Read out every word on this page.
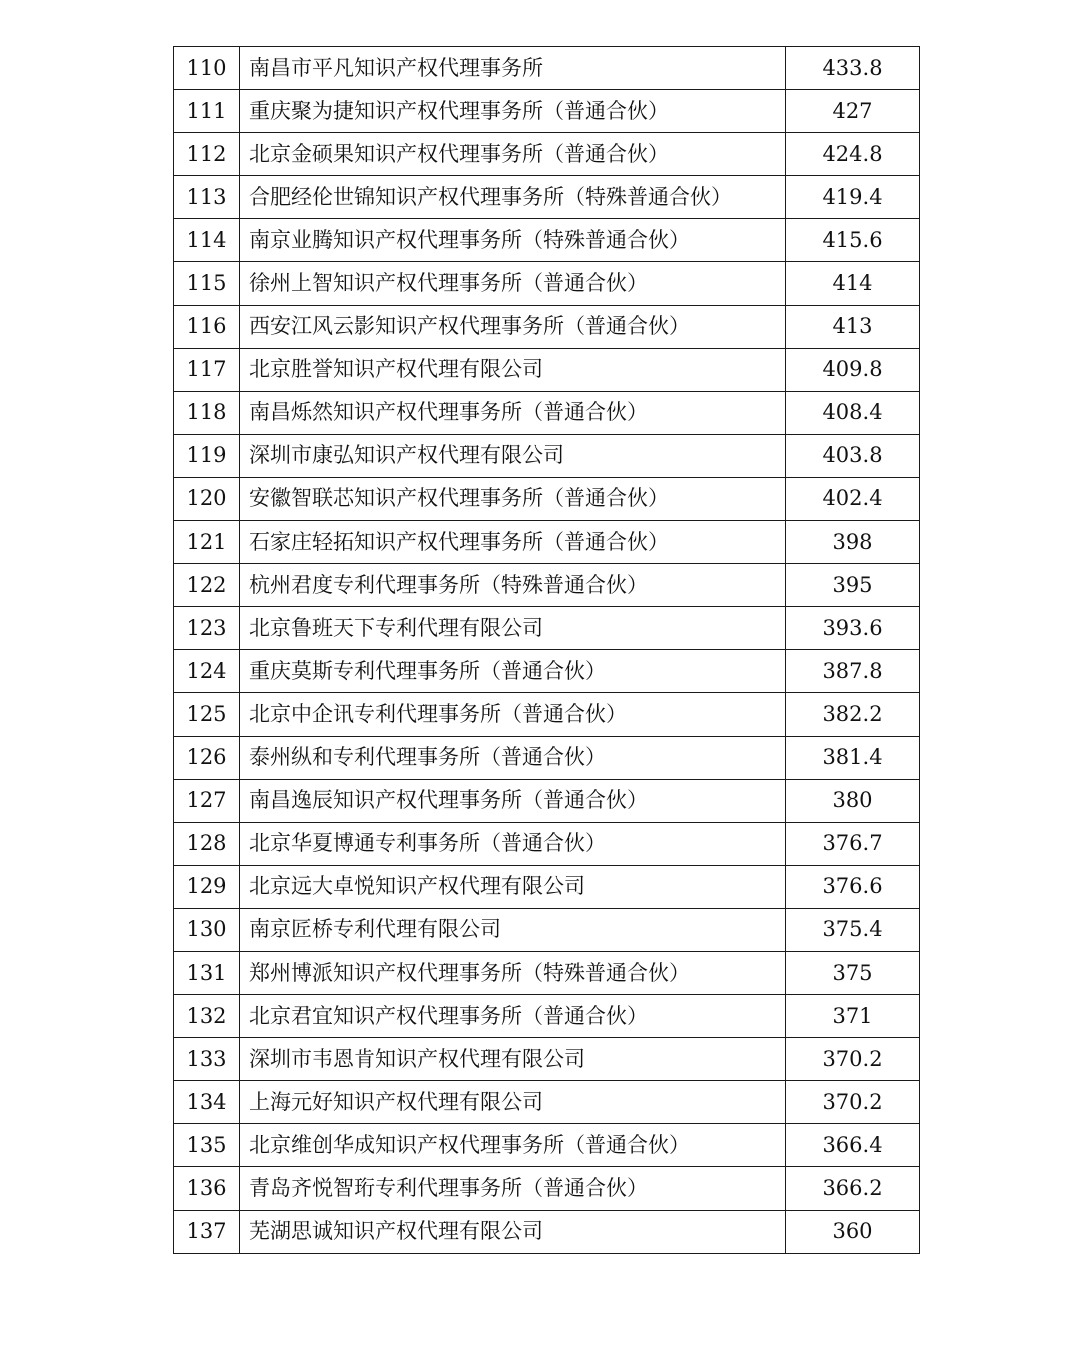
110	南昌市平凡知识产权代理事务所	433.8
111	重庆聚为捷知识产权代理事务所（普通合伙）	427
112	北京金硕果知识产权代理事务所（普通合伙）	424.8
113	合肥经伦世锦知识产权代理事务所（特殊普通合伙）	419.4
114	南京业腾知识产权代理事务所（特殊普通合伙）	415.6
115	徐州上智知识产权代理事务所（普通合伙）	414
116	西安江风云影知识产权代理事务所（普通合伙）	413
117	北京胜誉知识产权代理有限公司	409.8
118	南昌烁然知识产权代理事务所（普通合伙）	408.4
119	深圳市康弘知识产权代理有限公司	403.8
120	安徽智联芯知识产权代理事务所（普通合伙）	402.4
121	石家庄轻拓知识产权代理事务所（普通合伙）	398
122	杭州君度专利代理事务所（特殊普通合伙）	395
123	北京鲁班天下专利代理有限公司	393.6
124	重庆莫斯专利代理事务所（普通合伙）	387.8
125	北京中企讯专利代理事务所（普通合伙）	382.2
126	泰州纵和专利代理事务所（普通合伙）	381.4
127	南昌逸辰知识产权代理事务所（普通合伙）	380
128	北京华夏博通专利事务所（普通合伙）	376.7
129	北京远大卓悦知识产权代理有限公司	376.6
130	南京匠桥专利代理有限公司	375.4
131	郑州博派知识产权代理事务所（特殊普通合伙）	375
132	北京君宜知识产权代理事务所（普通合伙）	371
133	深圳市韦恩肯知识产权代理有限公司	370.2
134	上海元好知识产权代理有限公司	370.2
135	北京维创华成知识产权代理事务所（普通合伙）	366.4
136	青岛齐悦智珩专利代理事务所（普通合伙）	366.2
137	芜湖思诚知识产权代理有限公司	360
